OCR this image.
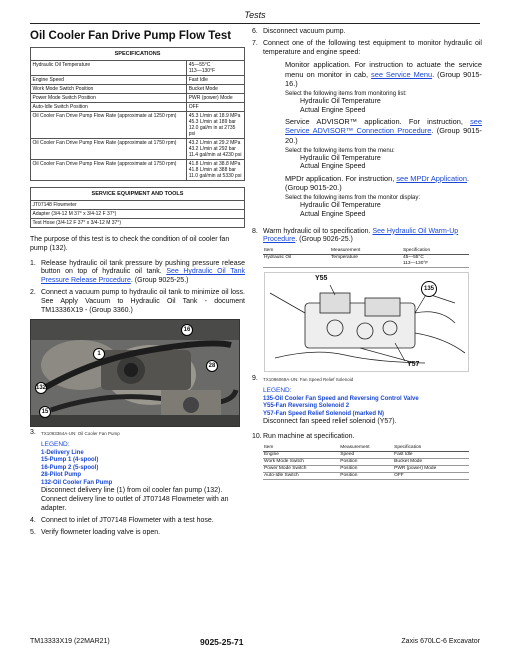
Tests
Oil Cooler Fan Drive Pump Flow Test
SPECIFICATIONS	
Hydraulic Oil Temperature	45—55°C
113—130°F
Engine Speed	Fast Idle
Work Mode Switch Position	Bucket Mode
Power Mode Switch Position	PWR (power) Mode
Auto-Idle Switch Position	OFF
Oil Cooler Fan Drive Pump Flow Rate (approximate at 1250 rpm)	45.3 L/min at 18.9 MPa
45.3 L/min at 189 bar
12.0 gal/m in at 2735 psi
Oil Cooler Fan Drive Pump Flow Rate (approximate at 1750 rpm)	43.2 L/min at 29.2 MPa
43.2 L/min at 292 bar
11.4 gal/min at 4230 psi
Oil Cooler Fan Drive Pump Flow Rate (approximate at 1750 rpm)	41.8 L/min at 38.8 MPa
41.8 L/min at 388 bar
11.0 gal/min at 5330 psi
SERVICE EQUIPMENT AND TOOLS
JT07148 Flowmeter
Adapter (3/4-12 M 37° x 3/4-12 F 37°)
Test Hose (3/4-12 F 37° x 3/4-12 M 37°)
The purpose of this test is to check the condition of oil cooler fan pump (132).
1. Release hydraulic oil tank pressure by pushing pressure release button on top of hydraulic oil tank. See Hydraulic Oil Tank Pressure Release Procedure. (Group 9025-25.)
2. Connect a vacuum pump to hydraulic oil tank to minimize oil loss. See Apply Vacuum to Hydraulic Oil Tank - document TM13336X19 - (Group 3360.)
16
1
28
132
15
3.	TX1093364A-UN: Oil Cooler Fan Pump
LEGEND:
1-Delivery Line
15-Pump 1 (4-spool)
16-Pump 2 (5-spool)
28-Pilot Pump
132-Oil Cooler Fan Pump
Disconnect delivery line (1) from oil cooler fan pump (132). Connect delivery line to outlet of JT07148 Flowmeter with an adapter.
4. Connect to inlet of JT07148 Flowmeter with a test hose.
5. Verify flowmeter loading valve is open.
6. Disconnect vacuum pump.
7. Connect one of the following test equipment to monitor hydraulic oil temperature and engine speed:
Monitor application. For instruction to actuate the service menu on monitor in cab, see Service Menu. (Group 9015-16.)
Select the following items from monitoring list:
Hydraulic Oil Temperature
Actual Engine Speed
Service ADVISOR™ application. For instruction, see Service ADVISOR™ Connection Procedure. (Group 9015-20.)
Select the following items from the menu:
Hydraulic Oil Temperature
Actual Engine Speed
MPDr application. For instruction, see MPDr Application. (Group 9015-20.)
Select the following items from the monitor display:
Hydraulic Oil Temperature
Actual Engine Speed
8. Warm hydraulic oil to specification. See Hydraulic Oil Warm-Up Procedure. (Group 9026-25.)
Item	Measurement	Specification
Hydraulic Oil	Temperature	45—55°C
113—130°F
Y55
135
Y57
9.	TX1096069A-UN: Fan Speed Relief Solenoid
LEGEND:
135-Oil Cooler Fan Speed and Reversing Control Valve
Y55-Fan Reversing Solenoid 2
Y57-Fan Speed Relief Solenoid (marked N)
Disconnect fan speed relief solenoid (Y57).
10. Run machine at specification.
Item	Measurement	Specification
Engine	Speed	Fast Idle
Work Mode Switch	Position	Bucket Mode
Power Mode Switch	Position	PWR (power) Mode
Auto-Idle Switch	Position	OFF
TM13333X19 (22MAR21)	9025-25-71	Zaxis 670LC-6 Excavator
